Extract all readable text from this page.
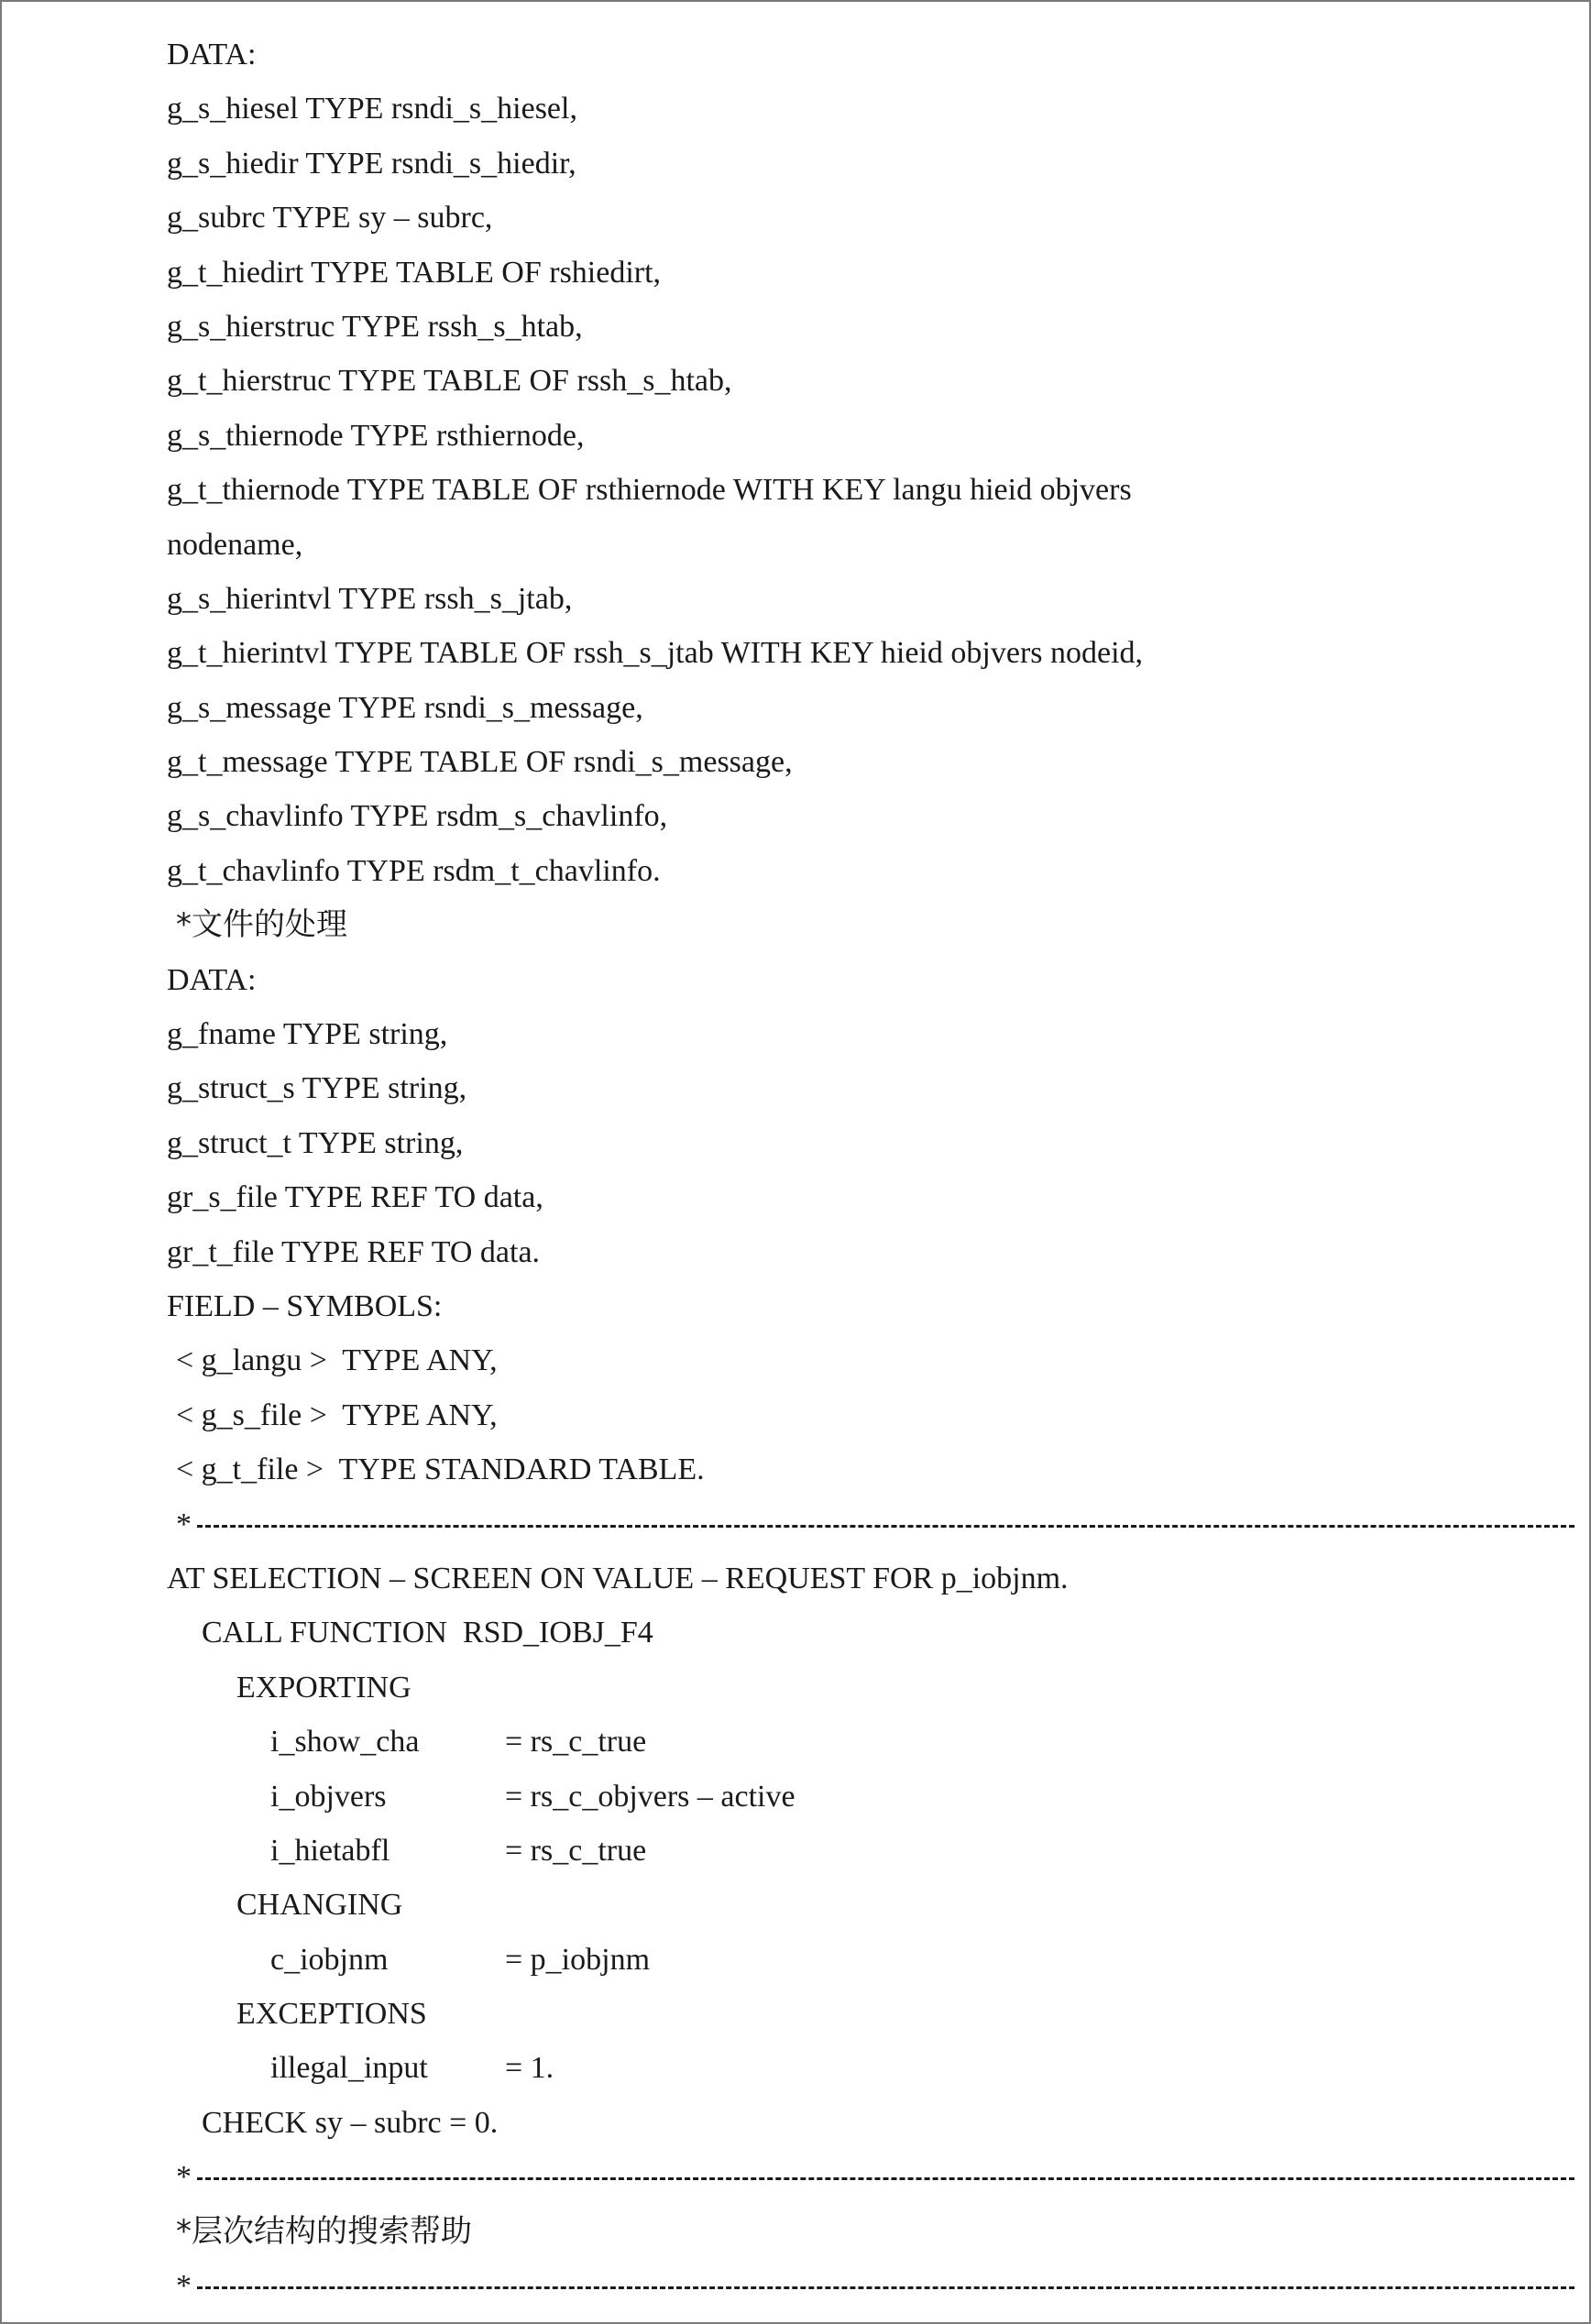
DATA:
g_s_hiesel TYPE rsndi_s_hiesel,
g_s_hiedir TYPE rsndi_s_hiedir,
g_subrc TYPE sy – subrc,
g_t_hiedirt TYPE TABLE OF rshiedirt,
g_s_hierstruc TYPE rssh_s_htab,
g_t_hierstruc TYPE TABLE OF rssh_s_htab,
g_s_thiernode TYPE rsthiernode,
g_t_thiernode TYPE TABLE OF rsthiernode WITH KEY langu hieid objvers
nodename,
g_s_hierintvl TYPE rssh_s_jtab,
g_t_hierintvl TYPE TABLE OF rssh_s_jtab WITH KEY hieid objvers nodeid,
g_s_message TYPE rsndi_s_message,
g_t_message TYPE TABLE OF rsndi_s_message,
g_s_chavlinfo TYPE rsdm_s_chavlinfo,
g_t_chavlinfo TYPE rsdm_t_chavlinfo.
*文件的处理
DATA:
g_fname TYPE string,
g_struct_s TYPE string,
g_struct_t TYPE string,
gr_s_file TYPE REF TO data,
gr_t_file TYPE REF TO data.
FIELD – SYMBOLS:
< g_langu >  TYPE ANY,
< g_s_file >  TYPE ANY,
< g_t_file >  TYPE STANDARD TABLE.
*
AT SELECTION – SCREEN ON VALUE – REQUEST FOR p_iobjnm.
CALL FUNCTION  RSD_IOBJ_F4
EXPORTING
i_show_cha	= rs_c_true
i_objvers	= rs_c_objvers – active
i_hietabfl	= rs_c_true
CHANGING
c_iobjnm	= p_iobjnm
EXCEPTIONS
illegal_input	= 1.
CHECK sy – subrc = 0.
*
*层次结构的搜索帮助
*
